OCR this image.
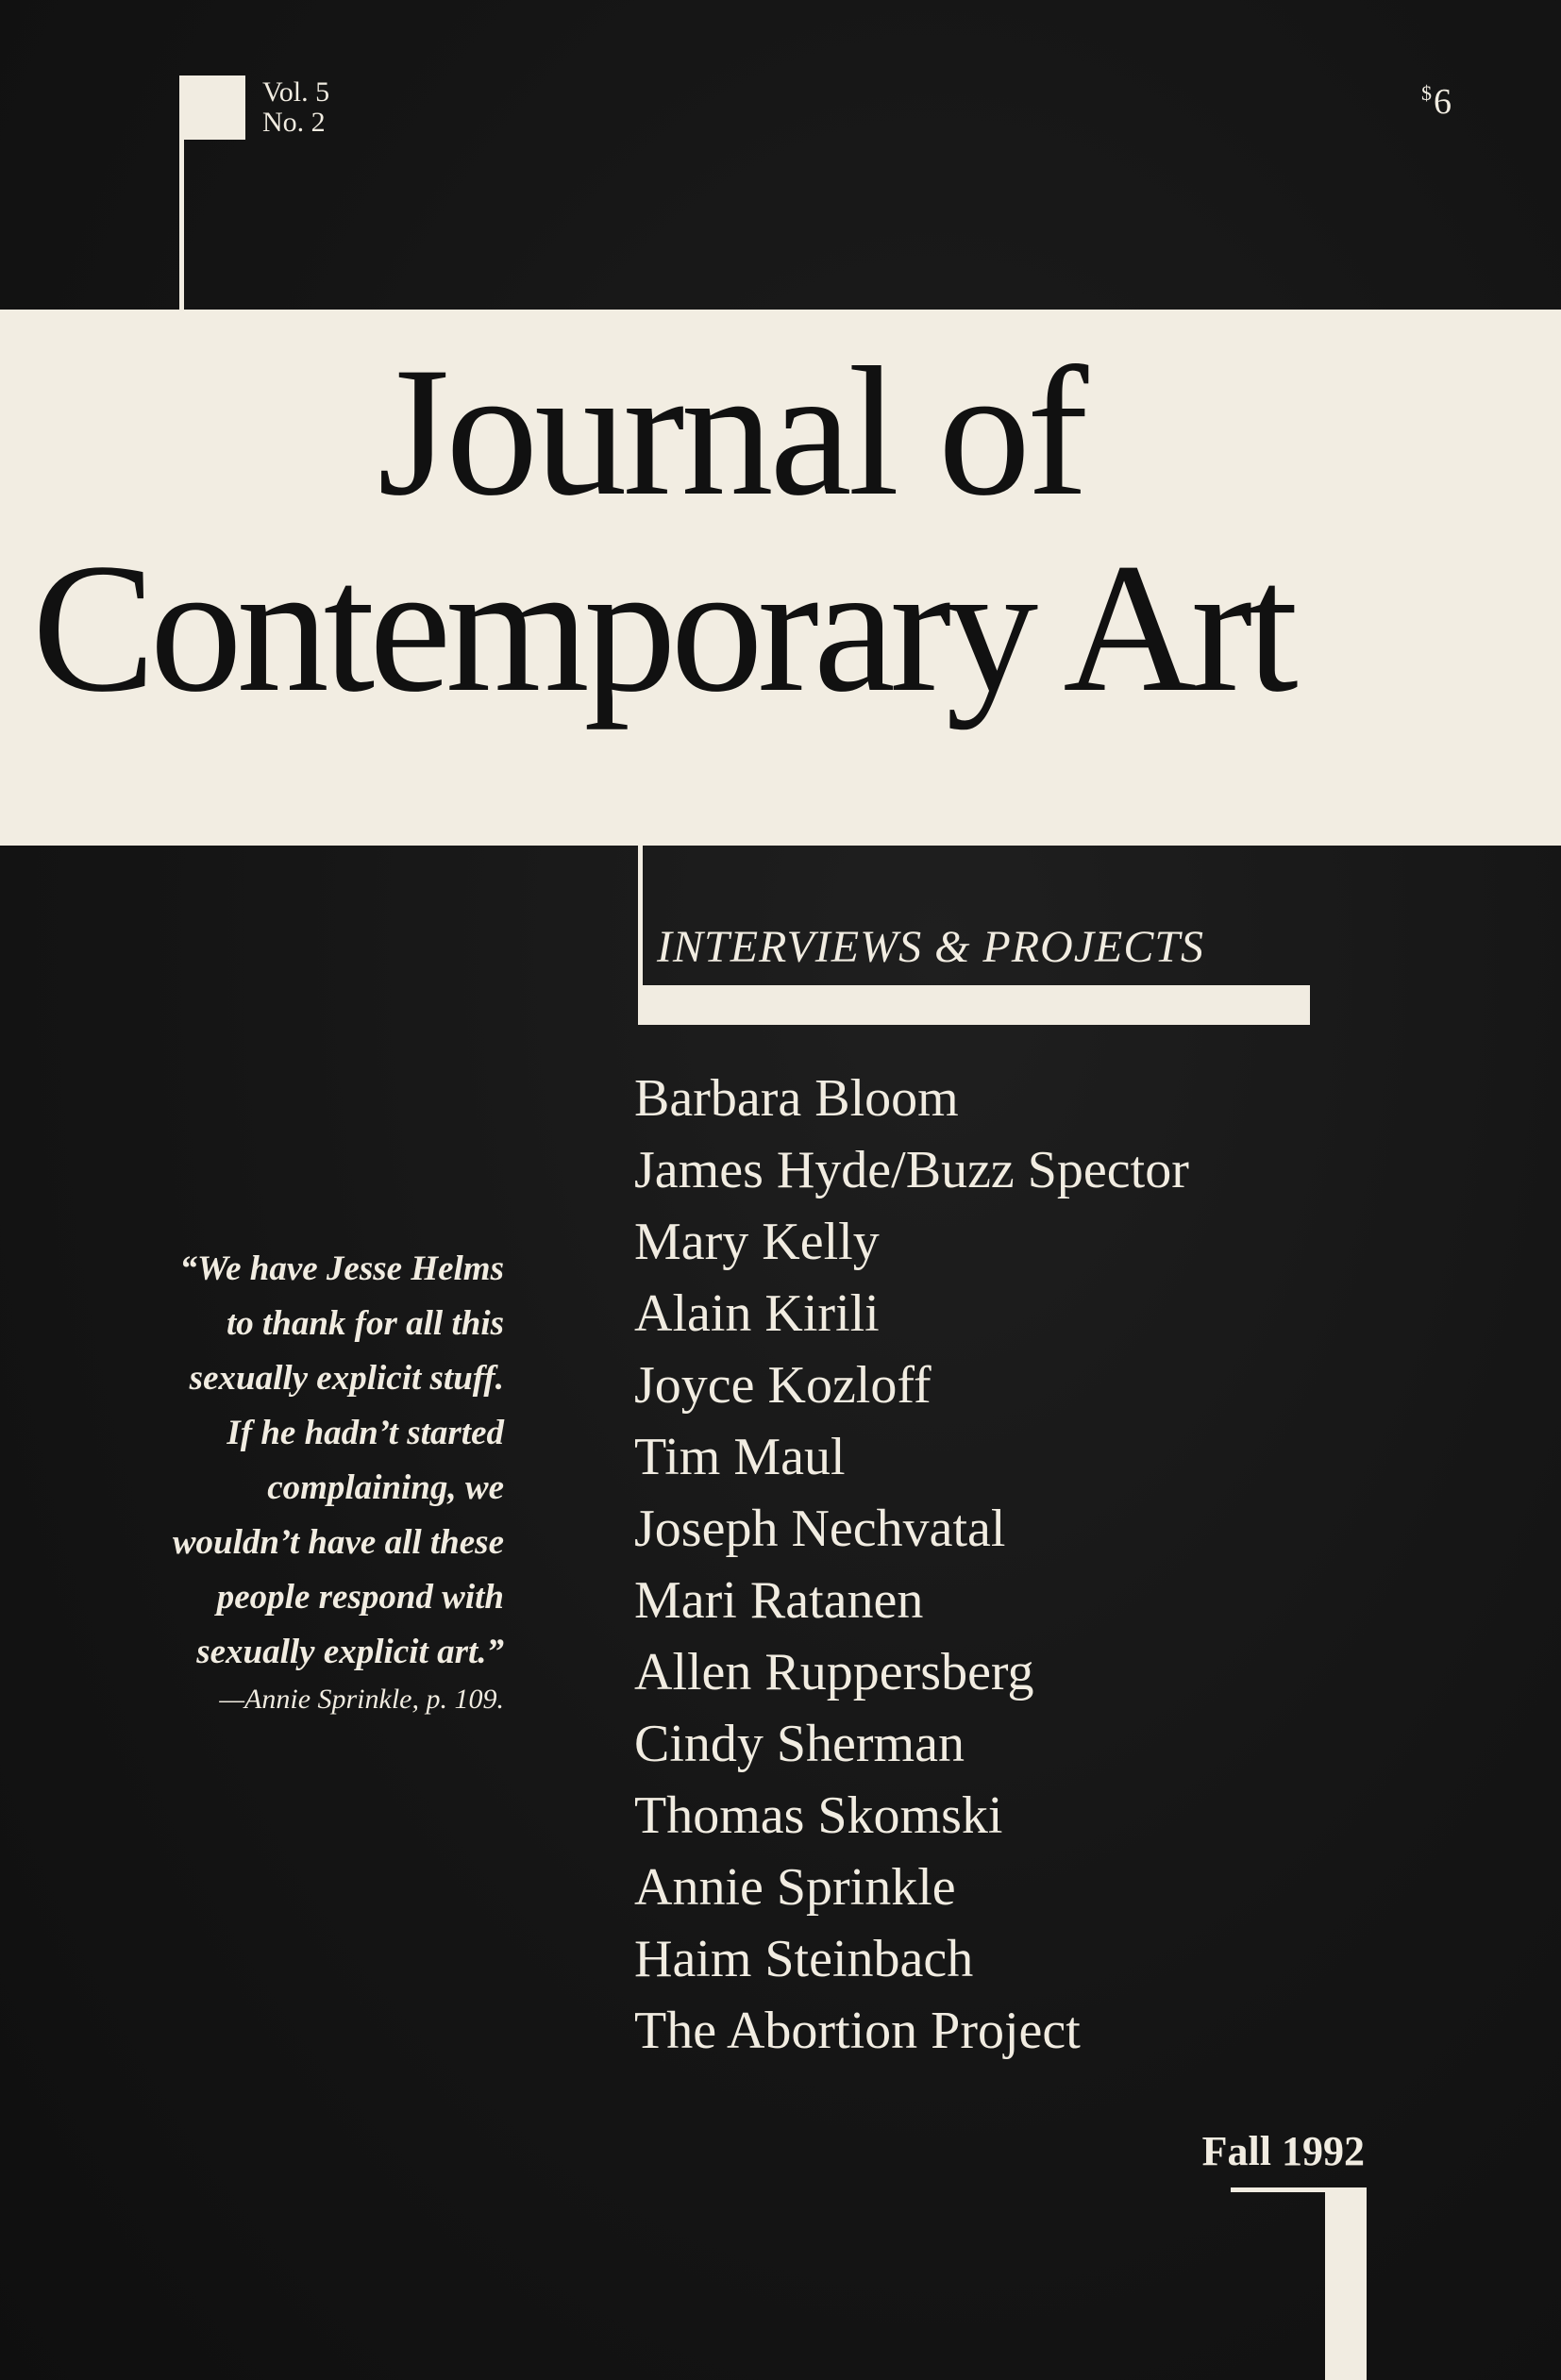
Vol. 5
No. 2
$6
Journal of
Contemporary Art
INTERVIEWS & PROJECTS
Barbara Bloom
James Hyde/Buzz Spector
Mary Kelly
Alain Kirili
Joyce Kozloff
Tim Maul
Joseph Nechvatal
Mari Ratanen
Allen Ruppersberg
Cindy Sherman
Thomas Skomski
Annie Sprinkle
Haim Steinbach
The Abortion Project
“We have Jesse Helms
to thank for all this
sexually explicit stuff.
If he hadn’t started
complaining, we
wouldn’t have all these
people respond with
sexually explicit art.”
—Annie Sprinkle, p. 109.
Fall 1992
